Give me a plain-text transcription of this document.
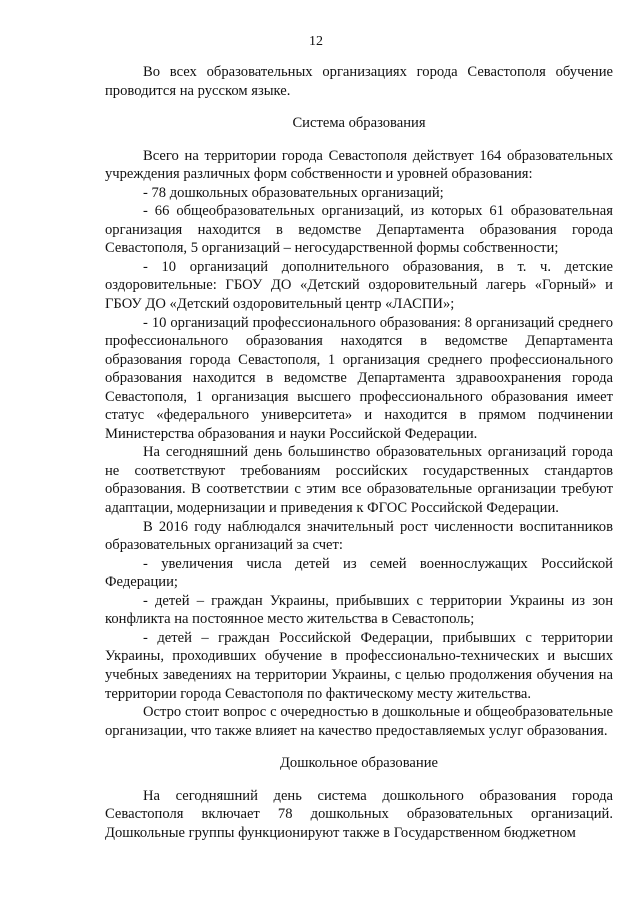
12

Во всех образовательных организациях города Севастополя обучение проводится на русском языке.

Система образования

Всего на территории города Севастополя действует 164 образовательных учреждения различных форм собственности и уровней образования:

- 78 дошкольных образовательных организаций;

- 66 общеобразовательных организаций, из которых 61 образовательная организация находится в ведомстве Департамента образования города Севастополя, 5 организаций – негосударственной формы собственности;

- 10 организаций дополнительного образования, в т. ч. детские оздоровительные: ГБОУ ДО «Детский оздоровительный лагерь «Горный» и ГБОУ ДО «Детский оздоровительный центр «ЛАСПИ»;

- 10 организаций профессионального образования: 8 организаций среднего профессионального образования находятся в ведомстве Департамента образования города Севастополя, 1 организация среднего профессионального образования находится в ведомстве Департамента здравоохранения города Севастополя, 1 организация высшего профессионального образования имеет статус «федерального университета» и находится в прямом подчинении Министерства образования и науки Российской Федерации.

На сегодняшний день большинство образовательных организаций города не соответствуют требованиям российских государственных стандартов образования. В соответствии с этим все образовательные организации требуют адаптации, модернизации и приведения к ФГОС Российской Федерации.

В 2016 году наблюдался значительный рост численности воспитанников образовательных организаций за счет:

- увеличения числа детей из семей военнослужащих Российской Федерации;

- детей – граждан Украины, прибывших с территории Украины из зон конфликта на постоянное место жительства в Севастополь;

- детей – граждан Российской Федерации, прибывших с территории Украины, проходивших обучение в профессионально-технических и высших учебных заведениях на территории Украины, с целью продолжения обучения на территории города Севастополя по фактическому месту жительства.

Остро стоит вопрос с очередностью в дошкольные и общеобразовательные организации, что также влияет на качество предоставляемых услуг образования.

Дошкольное образование

На сегодняшний день система дошкольного образования города Севастополя включает 78 дошкольных образовательных организаций. Дошкольные группы функционируют также в Государственном бюджетном
